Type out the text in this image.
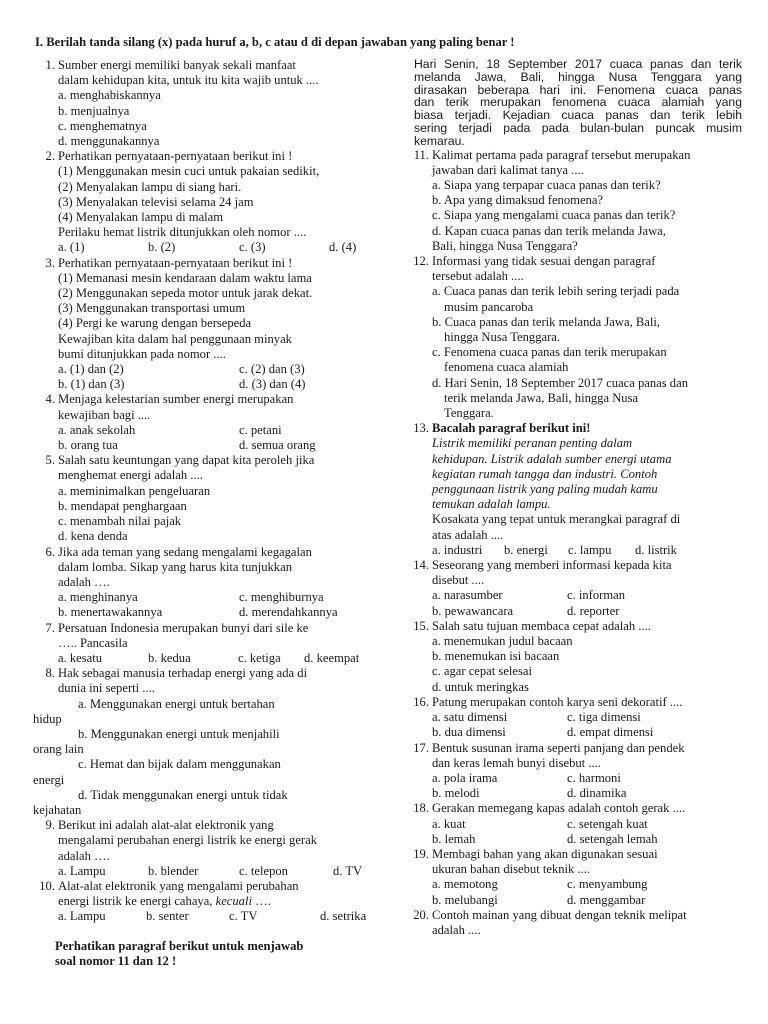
I. Berilah tanda silang (x) pada huruf a, b, c atau d di depan jawaban yang paling benar !
1. Sumber energi memiliki banyak sekali manfaat
dalam kehidupan kita, untuk itu kita wajib untuk ....
a. menghabiskannya
b. menjualnya
c. menghematnya
d. menggunakannya
2. Perhatikan pernyataan-pernyataan berikut ini !
(1) Menggunakan mesin cuci untuk pakaian sedikit,
(2) Menyalakan lampu di siang hari.
(3) Menyalakan televisi selama 24 jam
(4) Menyalakan lampu di malam
Perilaku hemat listrik ditunjukkan oleh nomor ....
a. (1)	b. (2)	c. (3)	d. (4)
3. Perhatikan pernyataan-pernyataan berikut ini !
(1) Memanasi mesin kendaraan dalam waktu lama
(2) Menggunakan sepeda motor untuk jarak dekat.
(3) Menggunakan transportasi umum
(4) Pergi ke warung dengan bersepeda
Kewajiban kita dalam hal penggunaan minyak
bumi ditunjukkan pada nomor ....
a. (1) dan (2)	c. (2) dan (3)
b. (1) dan (3)	d. (3) dan (4)
4. Menjaga kelestarian sumber energi merupakan
kewajiban bagi ....
a. anak sekolah	c. petani
b. orang tua	d. semua orang
5. Salah satu keuntungan yang dapat kita peroleh jika
menghemat energi adalah ....
a. meminimalkan pengeluaran
b. mendapat penghargaan
c. menambah nilai pajak
d. kena denda
6. Jika ada teman yang sedang mengalami kegagalan
dalam lomba. Sikap yang harus kita tunjukkan
adalah ….
a. menghinanya	c. menghiburnya
b. menertawakannya	d. merendahkannya
7. Persatuan Indonesia merupakan bunyi dari sile ke
….. Pancasila
a. kesatu	b. kedua	c. ketiga	d. keempat
8. Hak sebagai manusia terhadap energi yang ada di
dunia ini seperti ....
a. Menggunakan energi untuk bertahan
hidup
b. Menggunakan energi untuk menjahili
orang lain
c. Hemat dan bijak dalam menggunakan
energi
d. Tidak menggunakan energi untuk tidak
kejahatan
9. Berikut ini adalah alat-alat elektronik yang
mengalami perubahan energi listrik ke energi gerak
adalah ….
a. Lampu	b. blender	c. telepon	d. TV
10. Alat-alat elektronik yang mengalami perubahan
energi listrik ke energi cahaya, kecuali ….
a. Lampu	b. senter	c. TV	d. setrika
Perhatikan paragraf berikut untuk menjawab
soal nomor 11 dan 12 !
Hari Senin, 18 September 2017 cuaca panas dan terik
melanda Jawa, Bali, hingga Nusa Tenggara yang
dirasakan beberapa hari ini. Fenomena cuaca panas
dan terik merupakan fenomena cuaca alamiah yang
biasa terjadi. Kejadian cuaca panas dan terik lebih
sering terjadi pada pada bulan-bulan puncak musim
kemarau.
11. Kalimat pertama pada paragraf tersebut merupakan
jawaban dari kalimat tanya ....
a. Siapa yang terpapar cuaca panas dan terik?
b. Apa yang dimaksud fenomena?
c. Siapa yang mengalami cuaca panas dan terik?
d. Kapan cuaca panas dan terik melanda Jawa,
Bali, hingga Nusa Tenggara?
12. Informasi yang tidak sesuai dengan paragraf
tersebut adalah ....
a. Cuaca panas dan terik lebih sering terjadi pada
musim pancaroba
b. Cuaca panas dan terik melanda Jawa, Bali,
hingga Nusa Tenggara.
c. Fenomena cuaca panas dan terik merupakan
fenomena cuaca alamiah
d. Hari Senin, 18 September 2017 cuaca panas dan
terik melanda Jawa, Bali, hingga Nusa
Tenggara.
13. Bacalah paragraf berikut ini!
Listrik memiliki peranan penting dalam
kehidupan. Listrik adalah sumber energi utama
kegiatan rumah tangga dan industri. Contoh
penggunaan listrik yang paling mudah kamu
temukan adalah lampu.
Kosakata yang tepat untuk merangkai paragraf di
atas adalah ....
a. industri	b. energi	c. lampu	d. listrik
14. Seseorang yang memberi informasi kepada kita
disebut ....
a. narasumber	c. informan
b. pewawancara	d. reporter
15. Salah satu tujuan membaca cepat adalah ....
a. menemukan judul bacaan
b. menemukan isi bacaan
c. agar cepat selesai
d. untuk meringkas
16. Patung merupakan contoh karya seni dekoratif ....
a. satu dimensi	c. tiga dimensi
b. dua dimensi	d. empat dimensi
17. Bentuk susunan irama seperti panjang dan pendek
dan keras lemah bunyi disebut ....
a. pola irama	c. harmoni
b. melodi	d. dinamika
18. Gerakan memegang kapas adalah contoh gerak ....
a. kuat	c. setengah kuat
b. lemah	d. setengah lemah
19. Membagi bahan yang akan digunakan sesuai
ukuran bahan disebut teknik ....
a. memotong	c. menyambung
b. melubangi	d. menggambar
20. Contoh mainan yang dibuat dengan teknik melipat
adalah ....
